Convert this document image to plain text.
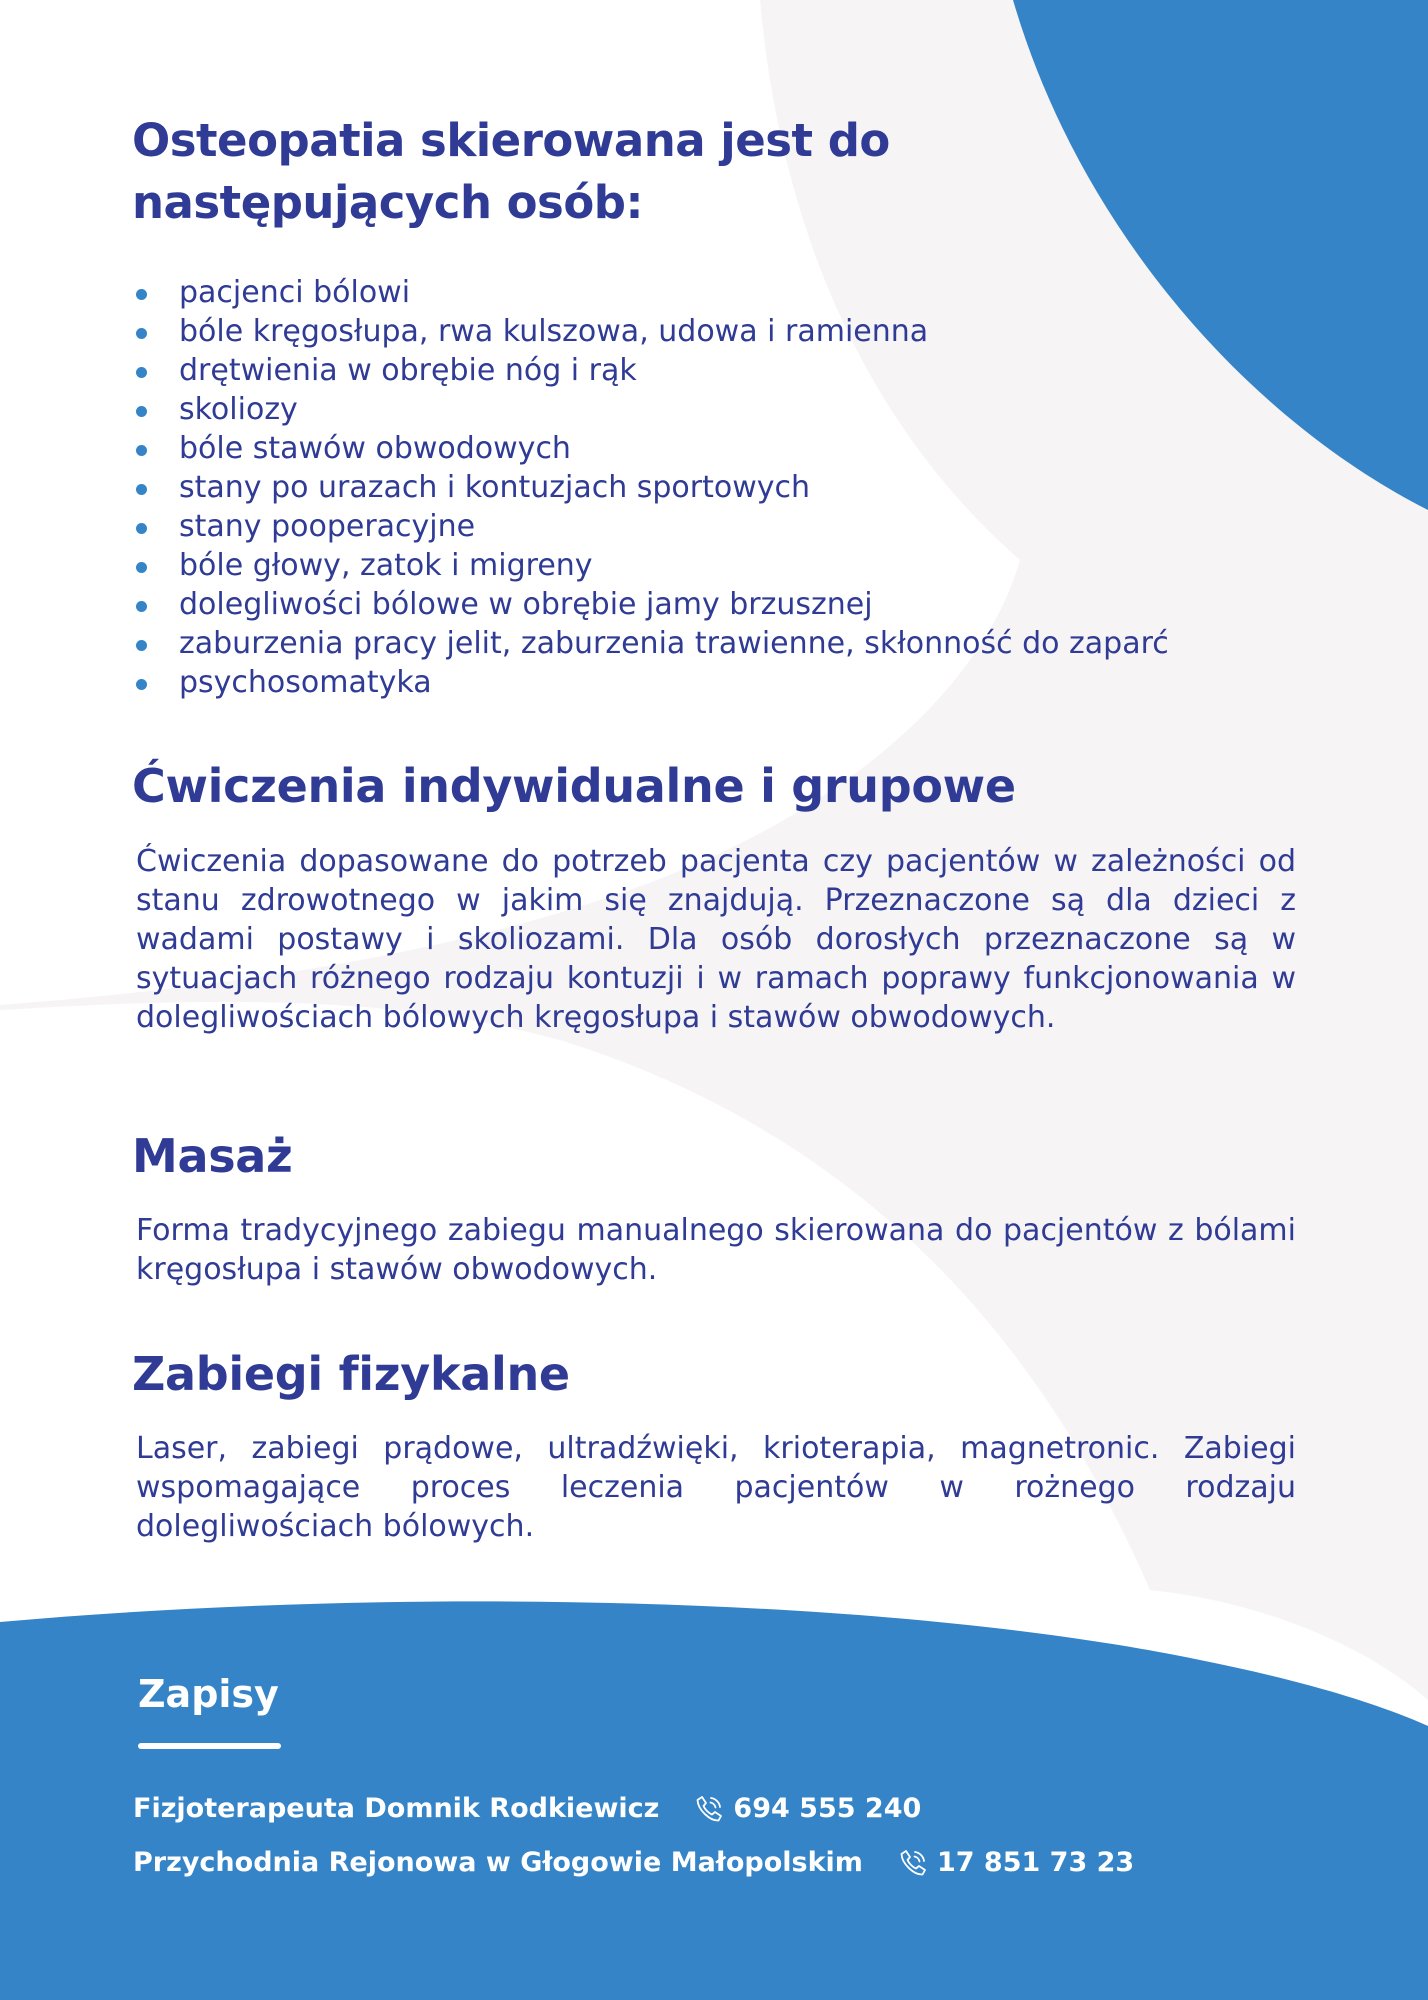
Osteopatia skierowana jest do
następujących osób:
pacjenci bólowi
bóle kręgosłupa, rwa kulszowa, udowa i ramienna
drętwienia w obrębie nóg i rąk
skoliozy
bóle stawów obwodowych
stany po urazach i kontuzjach sportowych
stany pooperacyjne
bóle głowy, zatok i migreny
dolegliwości bólowe w obrębie jamy brzusznej
zaburzenia pracy jelit, zaburzenia trawienne, skłonność do zaparć
psychosomatyka
Ćwiczenia indywidualne i grupowe

Ćwiczenia dopasowane do potrzeb pacjenta czy pacjentów w zależności od stanu zdrowotnego w jakim się znajdują. Przeznaczone są dla dzieci z wadami postawy i skoliozami. Dla osób dorosłych przeznaczone są w sytuacjach różnego rodzaju kontuzji i w ramach poprawy funkcjonowania w dolegliwościach bólowych kręgosłupa i stawów obwodowych.

Masaż

Forma tradycyjnego zabiegu manualnego skierowana do pacjentów z bólami kręgosłupa i stawów obwodowych.

Zabiegi fizykalne

Laser, zabiegi prądowe, ultradźwięki, krioterapia, magnetronic. Zabiegi wspomagające proces leczenia pacjentów w rożnego rodzaju dolegliwościach bólowych.

Zapisy
Fizjoterapeuta Domnik Rodkiewicz	694 555 240
Przychodnia Rejonowa w Głogowie Małopolskim	17 851 73 23
